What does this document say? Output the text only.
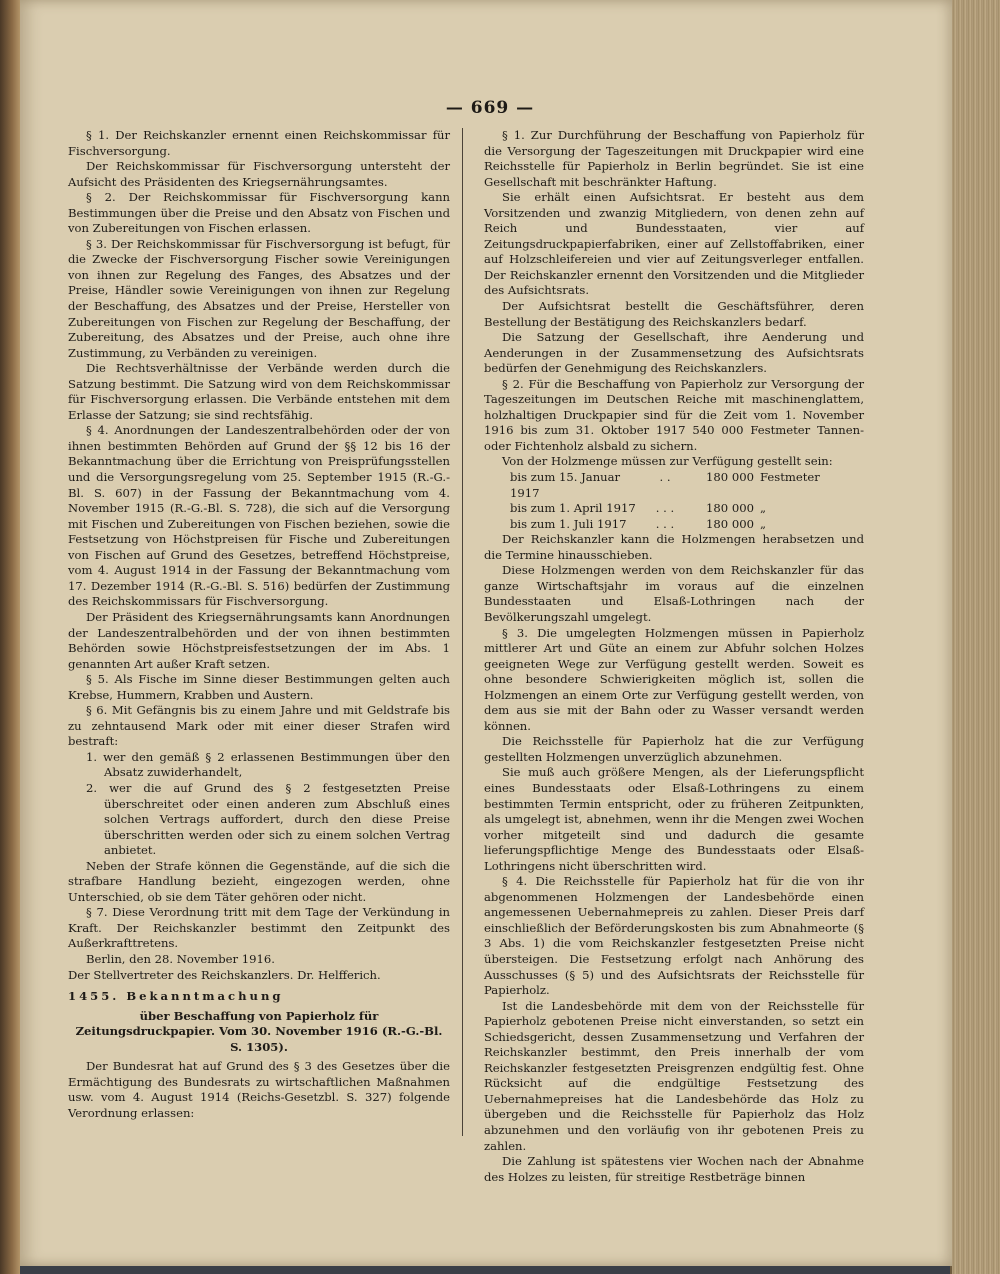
— 669 —

§ 1. Der Reichskanzler ernennt einen Reichskommissar für Fischversorgung.

Der Reichskommissar für Fischversorgung untersteht der Aufsicht des Präsidenten des Kriegsernährungsamtes.

§ 2. Der Reichskommissar für Fischversorgung kann Bestimmungen über die Preise und den Absatz von Fischen und von Zubereitungen von Fischen erlassen.

§ 3. Der Reichskommissar für Fischversorgung ist befugt, für die Zwecke der Fischversorgung Fischer sowie Vereinigungen von ihnen zur Regelung des Fanges, des Absatzes und der Preise, Händler sowie Vereinigungen von ihnen zur Regelung der Beschaffung, des Absatzes und der Preise, Hersteller von Zubereitungen von Fischen zur Regelung der Beschaffung, der Zubereitung, des Absatzes und der Preise, auch ohne ihre Zustimmung, zu Verbänden zu vereinigen.

Die Rechtsverhältnisse der Verbände werden durch die Satzung bestimmt. Die Satzung wird von dem Reichskommissar für Fischversorgung erlassen. Die Verbände entstehen mit dem Erlasse der Satzung; sie sind rechtsfähig.

§ 4. Anordnungen der Landeszentralbehörden oder der von ihnen bestimmten Behörden auf Grund der §§ 12 bis 16 der Bekanntmachung über die Errichtung von Preisprüfungsstellen und die Versorgungsregelung vom 25. September 1915 (R.-G.-Bl. S. 607) in der Fassung der Bekanntmachung vom 4. November 1915 (R.-G.-Bl. S. 728), die sich auf die Versorgung mit Fischen und Zubereitungen von Fischen beziehen, sowie die Festsetzung von Höchstpreisen für Fische und Zubereitungen von Fischen auf Grund des Gesetzes, betreffend Höchstpreise, vom 4. August 1914 in der Fassung der Bekanntmachung vom 17. Dezember 1914 (R.-G.-Bl. S. 516) bedürfen der Zustimmung des Reichskommissars für Fischversorgung.

Der Präsident des Kriegsernährungsamts kann Anordnungen der Landeszentralbehörden und der von ihnen bestimmten Behörden sowie Höchstpreisfestsetzungen der im Abs. 1 genannten Art außer Kraft setzen.

§ 5. Als Fische im Sinne dieser Bestimmungen gelten auch Krebse, Hummern, Krabben und Austern.

§ 6. Mit Gefängnis bis zu einem Jahre und mit Geldstrafe bis zu zehntausend Mark oder mit einer dieser Strafen wird bestraft:

1. wer den gemäß § 2 erlassenen Bestimmungen über den Absatz zuwiderhandelt,

2. wer die auf Grund des § 2 festgesetzten Preise überschreitet oder einen anderen zum Abschluß eines solchen Vertrags auffordert, durch den diese Preise überschritten werden oder sich zu einem solchen Vertrag anbietet.

Neben der Strafe können die Gegenstände, auf die sich die strafbare Handlung bezieht, eingezogen werden, ohne Unterschied, ob sie dem Täter gehören oder nicht.

§ 7. Diese Verordnung tritt mit dem Tage der Verkündung in Kraft. Der Reichskanzler bestimmt den Zeitpunkt des Außerkrafttretens.

Berlin, den 28. November 1916.

Der Stellvertreter des Reichskanzlers. Dr. Helfferich.

1455. Bekanntmachung

über Beschaffung von Papierholz für Zeitungsdruckpapier. Vom 30. November 1916 (R.-G.-Bl. S. 1305).

Der Bundesrat hat auf Grund des § 3 des Gesetzes über die Ermächtigung des Bundesrats zu wirtschaftlichen Maßnahmen usw. vom 4. August 1914 (Reichs-Gesetzbl. S. 327) folgende Verordnung erlassen:

§ 1. Zur Durchführung der Beschaffung von Papierholz für die Versorgung der Tageszeitungen mit Druckpapier wird eine Reichsstelle für Papierholz in Berlin begründet. Sie ist eine Gesellschaft mit beschränkter Haftung.

Sie erhält einen Aufsichtsrat. Er besteht aus dem Vorsitzenden und zwanzig Mitgliedern, von denen zehn auf Reich und Bundesstaaten, vier auf Zeitungsdruckpapierfabriken, einer auf Zellstoffabriken, einer auf Holzschleifereien und vier auf Zeitungsverleger entfallen. Der Reichskanzler ernennt den Vorsitzenden und die Mitglieder des Aufsichtsrats.

Der Aufsichtsrat bestellt die Geschäftsführer, deren Bestellung der Bestätigung des Reichskanzlers bedarf.

Die Satzung der Gesellschaft, ihre Aenderung und Aenderungen in der Zusammensetzung des Aufsichtsrats bedürfen der Genehmigung des Reichskanzlers.

§ 2. Für die Beschaffung von Papierholz zur Versorgung der Tageszeitungen im Deutschen Reiche mit maschinenglattem, holzhaltigen Druckpapier sind für die Zeit vom 1. November 1916 bis zum 31. Oktober 1917 540 000 Festmeter Tannen- oder Fichtenholz alsbald zu sichern.

Von der Holzmenge müssen zur Verfügung gestellt sein:

bis zum 15. Januar 1917
. .	180 000 Festmeter
bis zum 1. April 1917	. . .	180 000 „
bis zum 1. Juli 1917	. . .	180 000 „

Der Reichskanzler kann die Holzmengen herabsetzen und die Termine hinausschieben.

Diese Holzmengen werden von dem Reichskanzler für das ganze Wirtschaftsjahr im voraus auf die einzelnen Bundesstaaten und Elsaß-Lothringen nach der Bevölkerungszahl umgelegt.

§ 3. Die umgelegten Holzmengen müssen in Papierholz mittlerer Art und Güte an einem zur Abfuhr solchen Holzes geeigneten Wege zur Verfügung gestellt werden. Soweit es ohne besondere Schwierigkeiten möglich ist, sollen die Holzmengen an einem Orte zur Verfügung gestellt werden, von dem aus sie mit der Bahn oder zu Wasser versandt werden können.

Die Reichsstelle für Papierholz hat die zur Verfügung gestellten Holzmengen unverzüglich abzunehmen.

Sie muß auch größere Mengen, als der Lieferungspflicht eines Bundesstaats oder Elsaß-Lothringens zu einem bestimmten Termin entspricht, oder zu früheren Zeitpunkten, als umgelegt ist, abnehmen, wenn ihr die Mengen zwei Wochen vorher mitgeteilt sind und dadurch die gesamte lieferungspflichtige Menge des Bundesstaats oder Elsaß-Lothringens nicht überschritten wird.

§ 4. Die Reichsstelle für Papierholz hat für die von ihr abgenommenen Holzmengen der Landesbehörde einen angemessenen Uebernahmepreis zu zahlen. Dieser Preis darf einschließlich der Beförderungskosten bis zum Abnahmeorte (§ 3 Abs. 1) die vom Reichskanzler festgesetzten Preise nicht übersteigen. Die Festsetzung erfolgt nach Anhörung des Ausschusses (§ 5) und des Aufsichtsrats der Reichsstelle für Papierholz.

Ist die Landesbehörde mit dem von der Reichsstelle für Papierholz gebotenen Preise nicht einverstanden, so setzt ein Schiedsgericht, dessen Zusammensetzung und Verfahren der Reichskanzler bestimmt, den Preis innerhalb der vom Reichskanzler festgesetzten Preisgrenzen endgültig fest. Ohne Rücksicht auf die endgültige Festsetzung des Uebernahmepreises hat die Landesbehörde das Holz zu übergeben und die Reichsstelle für Papierholz das Holz abzunehmen und den vorläufig von ihr gebotenen Preis zu zahlen.

Die Zahlung ist spätestens vier Wochen nach der Abnahme des Holzes zu leisten, für streitige Restbeträge binnen
